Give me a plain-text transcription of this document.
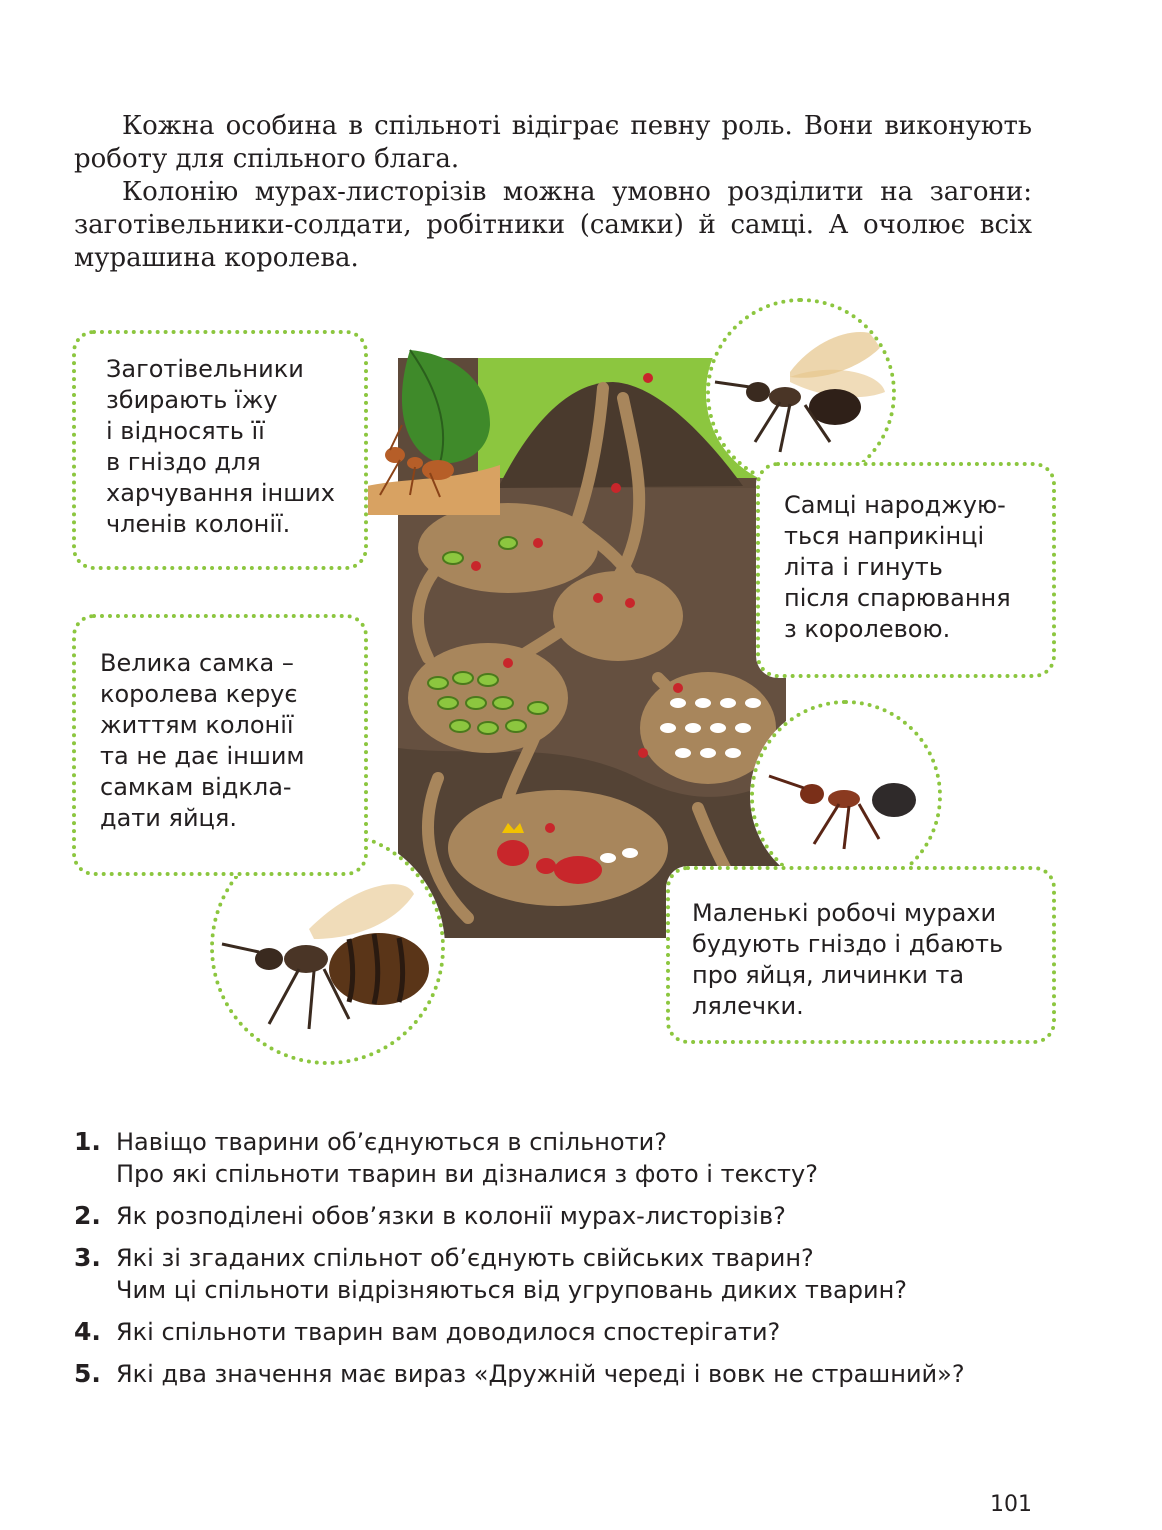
Кожна особина в спільноті відіграє певну роль. Вони виконують роботу для спільного блага.

Колонію мурах-листорізів можна умовно розділити на загони: заготівельники-солдати, робітники (самки) й самці. А очолює всіх мурашина королева.

Заготівельники
збирають їжу
і відносять її
в гніздо для
харчування інших
членів колонії.
Самці народжую-
ться наприкінці
літа і гинуть
після спарювання
з королевою.
Велика самка –
королева керує
життям колонії
та не дає іншим
самкам відкла-
дати яйця.
Маленькі робочі мурахи
будують гніздо і дбають
про яйця, личинки та
лялечки.
1. Навіщо тварини об’єднуються в спільноти?
Про які спільноти тварин ви дізналися з фото і тексту?
2. Як розподілені обов’язки в колонії мурах-листорізів?
3. Які зі згаданих спільнот об’єднують свійських тварин?
Чим ці спільноти відрізняються від угруповань диких тварин?
4. Які спільноти тварин вам доводилося спостерігати?
5. Які два значення має вираз «Дружній череді і вовк не страшний»?
101
